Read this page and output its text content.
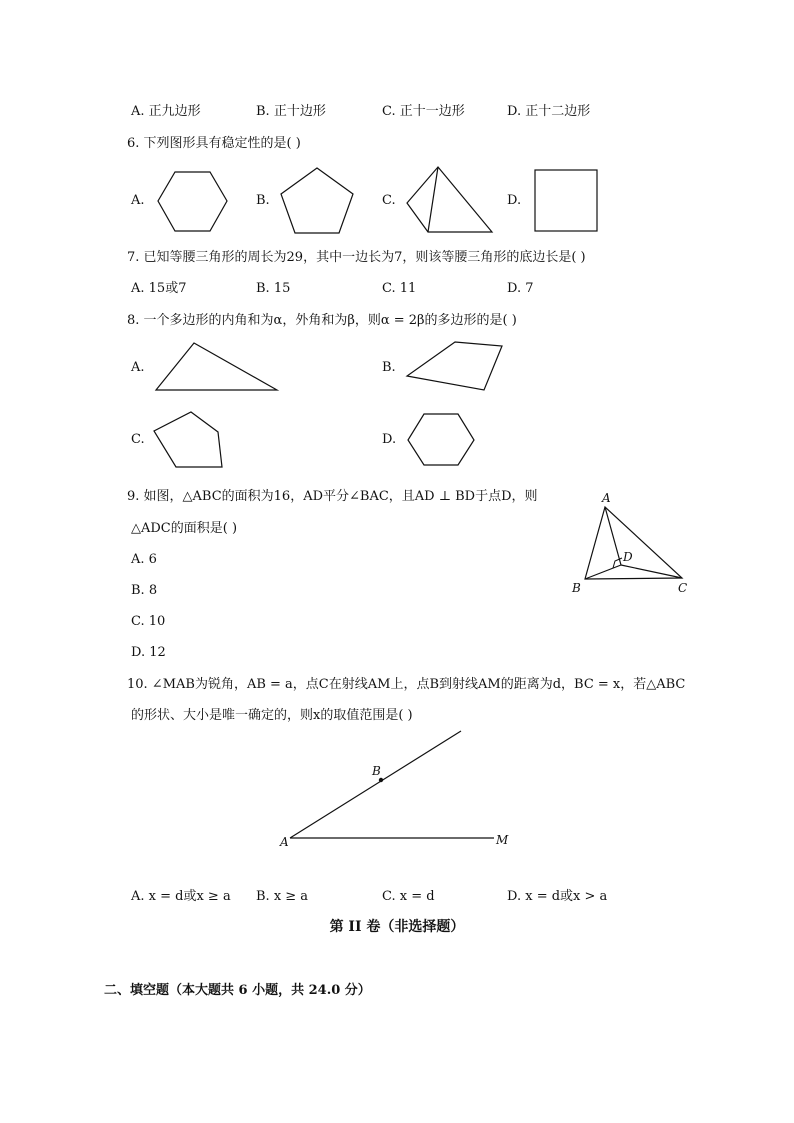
A. 正九边形	B. 正十边形	C. 正十一边形	D. 正十二边形
6. 下列图形具有稳定性的是( )
A.	B.	C.	D.
7. 已知等腰三角形的周长为29，其中一边长为7，则该等腰三角形的底边长是( )
A. 15或7	B. 15	C. 11	D. 7
8. 一个多边形的内角和为α，外角和为β，则α = 2β的多边形的是( )
A.	B.
C.	D.
9. 如图，△ABC的面积为16，AD平分∠BAC，且AD ⊥ BD于点D，则
△ADC的面积是( )
A. 6
B. 8
C. 10
D. 12
A
B	C
D
10. ∠MAB为锐角，AB = a，点C在射线AM上，点B到射线AM的距离为d，BC = x，若△ABC
的形状、大小是唯一确定的，则x的取值范围是( )
A
B
M
A. x = d或x ≥ a B. x ≥ a	C. x = d	D. x = d或x > a
第 II 卷（非选择题）
二、填空题（本大题共 6 小题，共 24.0 分）
